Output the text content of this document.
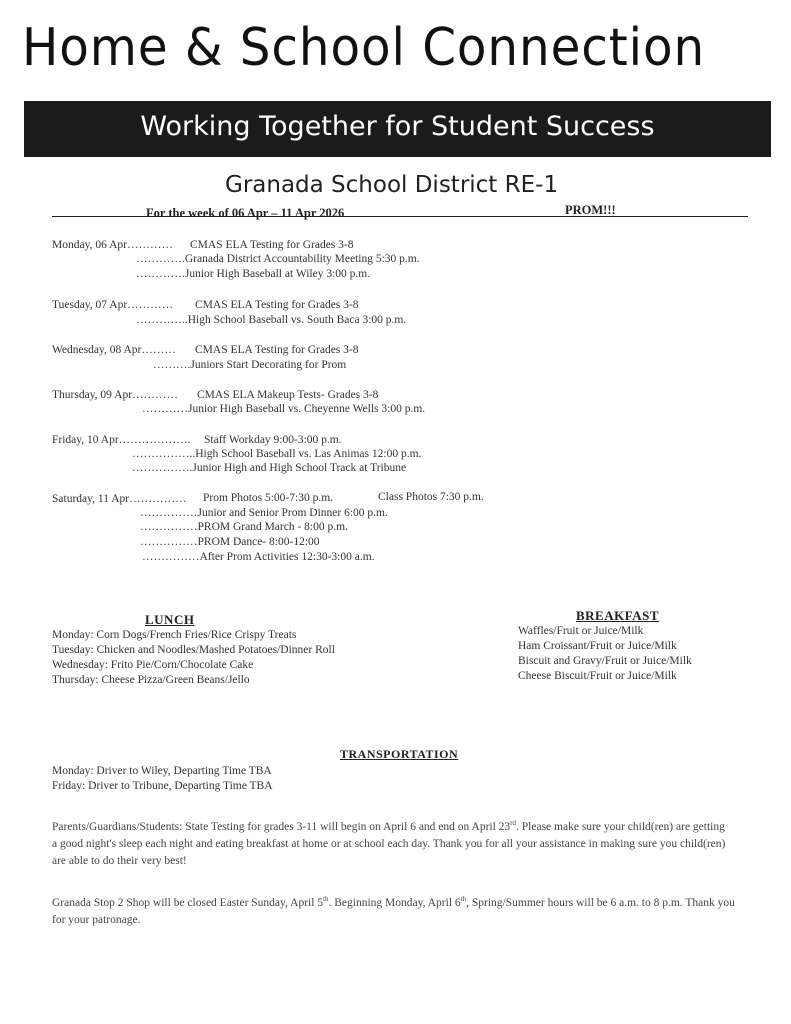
Home & School Connection
Working Together for Student Success
Granada School District RE-1
For the week of 06 Apr – 11 Apr 2026	PROM!!!
Monday, 06 Apr………… CMAS ELA Testing for Grades 3-8
………….Granada District Accountability Meeting 5:30 p.m.
………….Junior High Baseball at Wiley 3:00 p.m.
Tuesday, 07 Apr………… CMAS ELA Testing for Grades 3-8
…………..High School Baseball vs. South Baca 3:00 p.m.
Wednesday, 08 Apr……… CMAS ELA Testing for Grades 3-8
……….Juniors Start Decorating for Prom
Thursday, 09 Apr………… CMAS ELA Makeup Tests- Grades 3-8
…………Junior High Baseball vs. Cheyenne Wells 3:00 p.m.
Friday, 10 Apr………………. Staff Workday 9:00-3:00 p.m.
……………..High School Baseball vs. Las Animas 12:00 p.m.
…………….Junior High and High School Track at Tribune
Saturday, 11 Apr…………… Prom Photos 5:00-7:30 p.m.	Class Photos 7:30 p.m.
……………Junior and Senior Prom Dinner 6:00 p.m.
……………PROM Grand March - 8:00 p.m.
……………PROM Dance- 8:00-12:00
……………After Prom Activities 12:30-3:00 a.m.
LUNCH
Monday: Corn Dogs/French Fries/Rice Crispy Treats
Tuesday: Chicken and Noodles/Mashed Potatoes/Dinner Roll
Wednesday: Frito Pie/Corn/Chocolate Cake
Thursday: Cheese Pizza/Green Beans/Jello
BREAKFAST
Waffles/Fruit or Juice/Milk
Ham Croissant/Fruit or Juice/Milk
Biscuit and Gravy/Fruit or Juice/Milk
Cheese Biscuit/Fruit or Juice/Milk
TRANSPORTATION
Monday: Driver to Wiley, Departing Time TBA
Friday: Driver to Tribune, Departing Time TBA
Parents/Guardians/Students: State Testing for grades 3-11 will begin on April 6 and end on April 23rd. Please make sure your child(ren) are getting a good night's sleep each night and eating breakfast at home or at school each day. Thank you for all your assistance in making sure you child(ren) are able to do their very best!
Granada Stop 2 Shop will be closed Easter Sunday, April 5th. Beginning Monday, April 6th, Spring/Summer hours will be 6 a.m. to 8 p.m. Thank you for your patronage.
